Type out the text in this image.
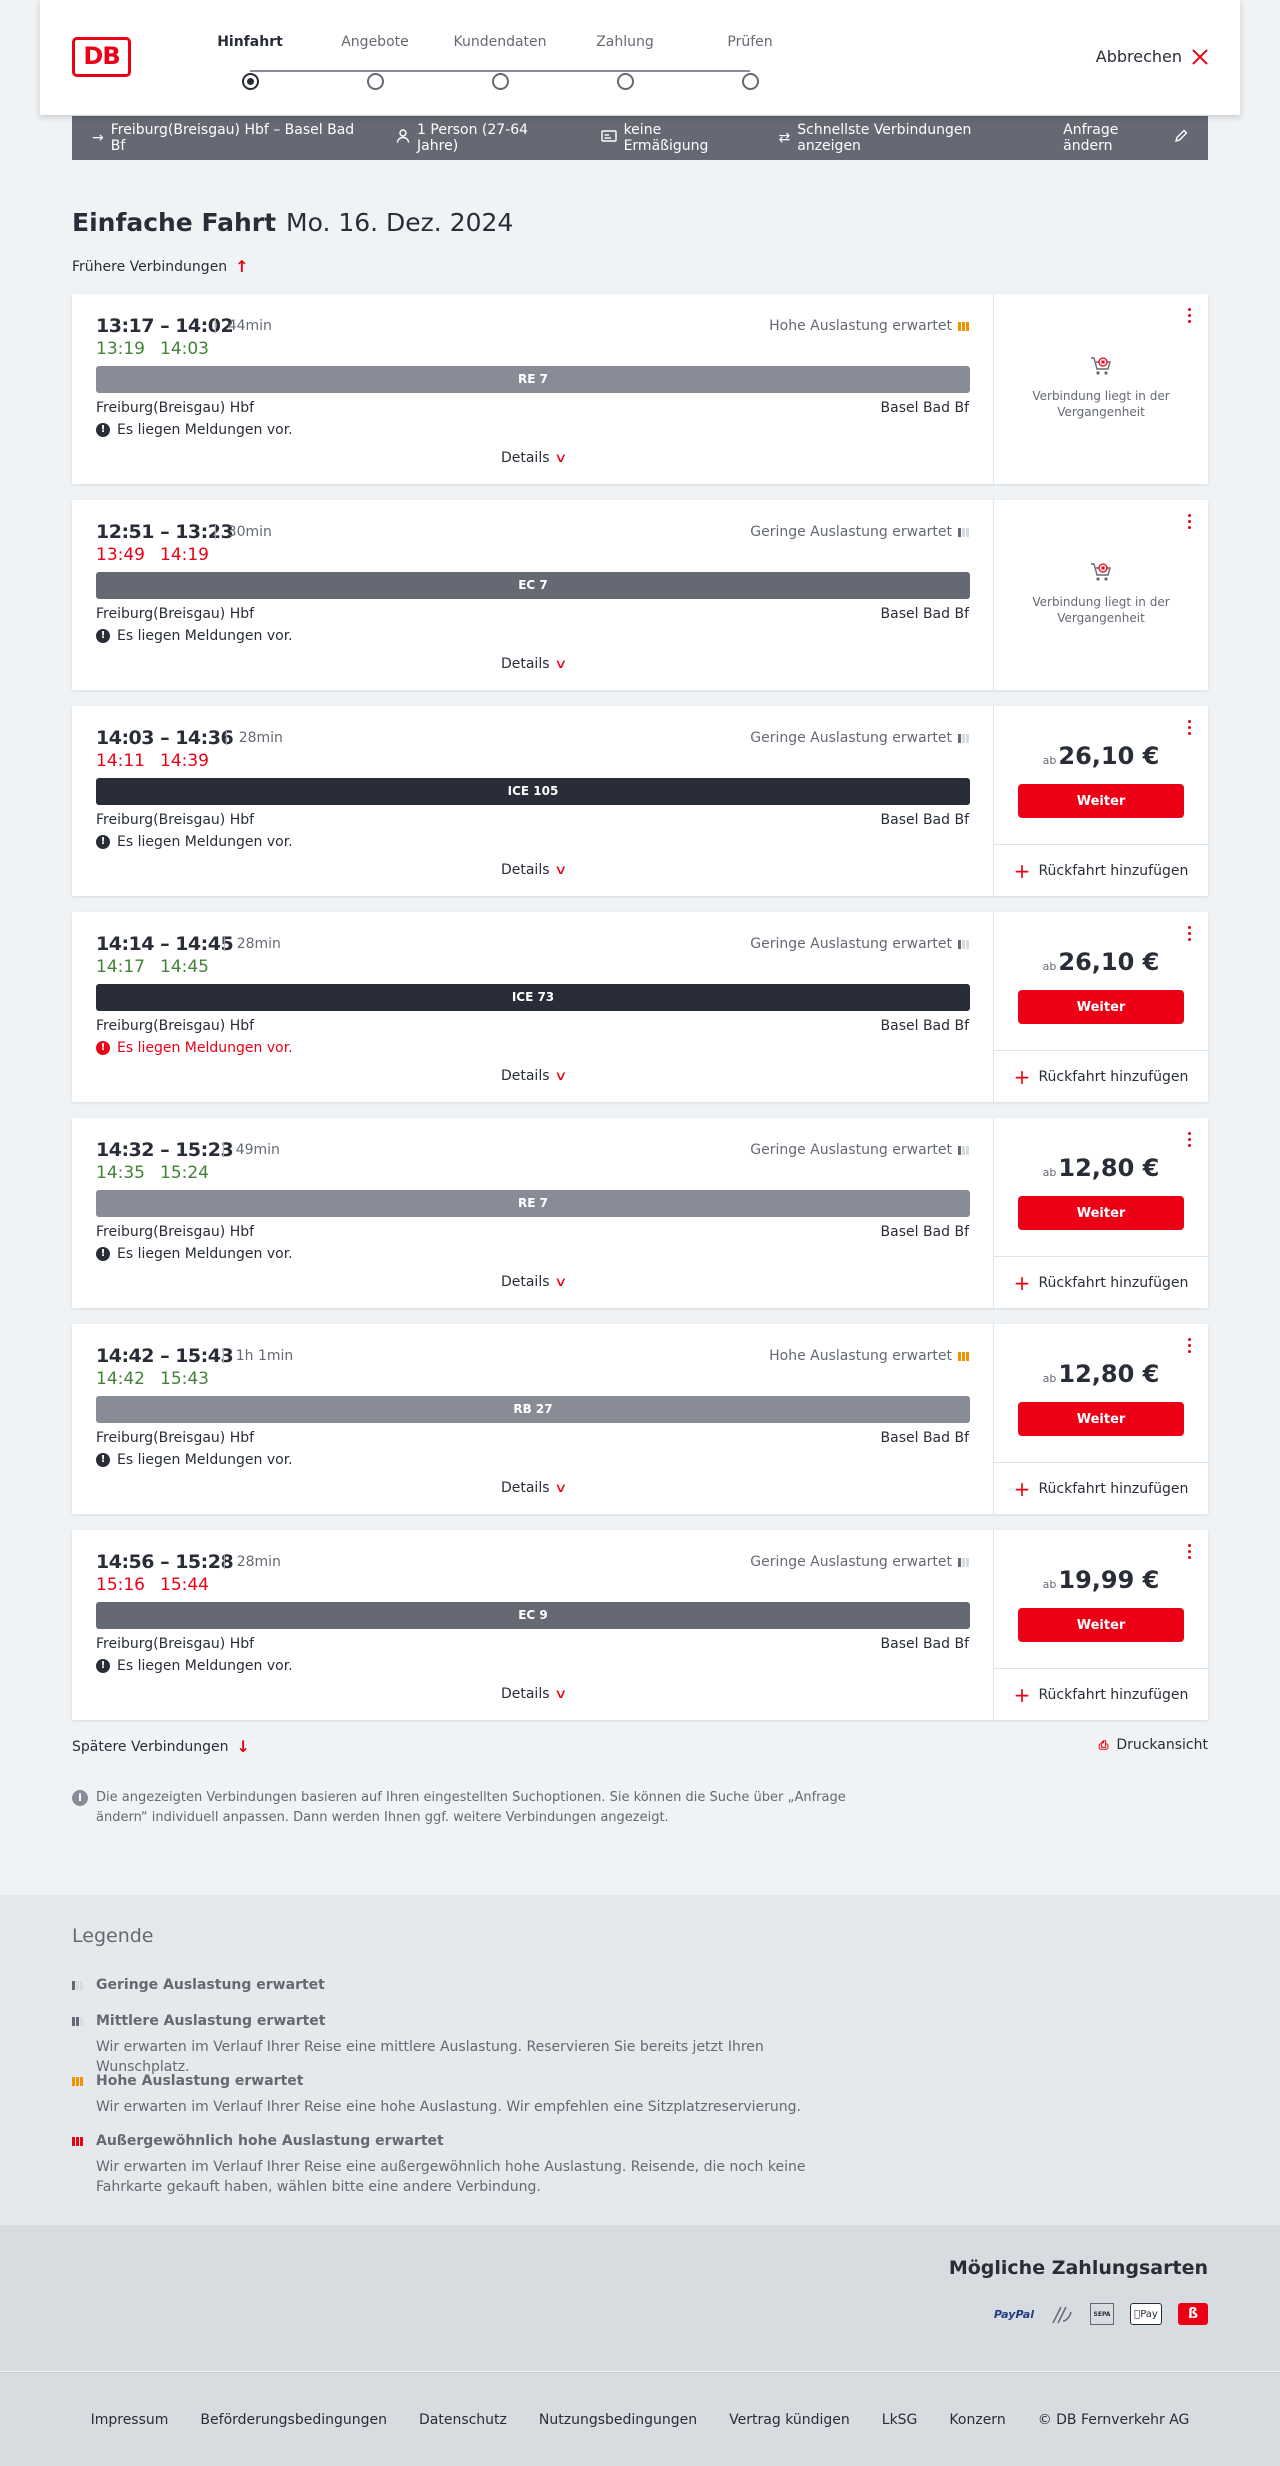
DB	Hinfahrt	Angebote	Kundendaten	Zahlung	Prüfen
Abbrechen
→ Freiburg(Breisgau) Hbf – Basel Bad Bf
1 Person (27-64 Jahre)
keine Ermäßigung	⇄ Schnellste Verbindungen anzeigen
Anfrage ändern
Einfache Fahrt Mo. 16. Dez. 2024
Frühere Verbindungen ↑
13:17 – 14:02
| 44min
13:19 14:03
Hohe Auslastung erwartet
RE 7
Freiburg(Breisgau) Hbf	Basel Bad Bf
! Es liegen Meldungen vor.
Details ∨
Verbindung liegt in der Vergangenheit
12:51 – 13:23
| 30min
13:49 14:19
Geringe Auslastung erwartet
EC 7
Freiburg(Breisgau) Hbf	Basel Bad Bf
! Es liegen Meldungen vor.
Details ∨
Verbindung liegt in der Vergangenheit
14:03 – 14:36 | 28min
14:11 14:39
Geringe Auslastung erwartet
ICE 105
Freiburg(Breisgau) Hbf	Basel Bad Bf
! Es liegen Meldungen vor.
Details ∨
ab26,10 €
Weiter
+ Rückfahrt hinzufügen
14:14 – 14:45 | 28min
14:17 14:45
Geringe Auslastung erwartet
ICE 73
Freiburg(Breisgau) Hbf	Basel Bad Bf
! Es liegen Meldungen vor.
Details ∨
ab26,10 €
Weiter
+ Rückfahrt hinzufügen
14:32 – 15:23 | 49min
14:35 15:24
Geringe Auslastung erwartet
RE 7
Freiburg(Breisgau) Hbf	Basel Bad Bf
! Es liegen Meldungen vor.
Details ∨
ab12,80 €
Weiter
+ Rückfahrt hinzufügen
14:42 – 15:43 | 1h 1min
14:42 15:43
Hohe Auslastung erwartet
RB 27
Freiburg(Breisgau) Hbf	Basel Bad Bf
! Es liegen Meldungen vor.
Details ∨
ab12,80 €
Weiter
+ Rückfahrt hinzufügen
14:56 – 15:28 | 28min
15:16 15:44
Geringe Auslastung erwartet
EC 9
Freiburg(Breisgau) Hbf	Basel Bad Bf
! Es liegen Meldungen vor.
Details ∨
ab19,99 €
Weiter
+ Rückfahrt hinzufügen
Spätere Verbindungen ↓	⎙ Druckansicht
i	Die angezeigten Verbindungen basieren auf Ihren eingestellten Suchoptionen. Sie können die Suche über „Anfrage ändern“ individuell anpassen. Dann werden Ihnen ggf. weitere Verbindungen angezeigt.
Legende
Geringe Auslastung erwartet
Mittlere Auslastung erwartet
Wir erwarten im Verlauf Ihrer Reise eine mittlere Auslastung. Reservieren Sie bereits jetzt Ihren Wunschplatz.
Hohe Auslastung erwartet
Wir erwarten im Verlauf Ihrer Reise eine hohe Auslastung. Wir empfehlen eine Sitzplatzreservierung.
Außergewöhnlich hohe Auslastung erwartet
Wir erwarten im Verlauf Ihrer Reise eine außergewöhnlich hohe Auslastung. Reisende, die noch keine Fahrkarte gekauft haben, wählen bitte eine andere Verbindung.
Mögliche Zahlungsarten
PayPal	SEPA	Pay	ß
Impressum Beförderungsbedingungen Datenschutz Nutzungsbedingungen Vertrag kündigen LkSG Konzern © DB Fernverkehr AG
